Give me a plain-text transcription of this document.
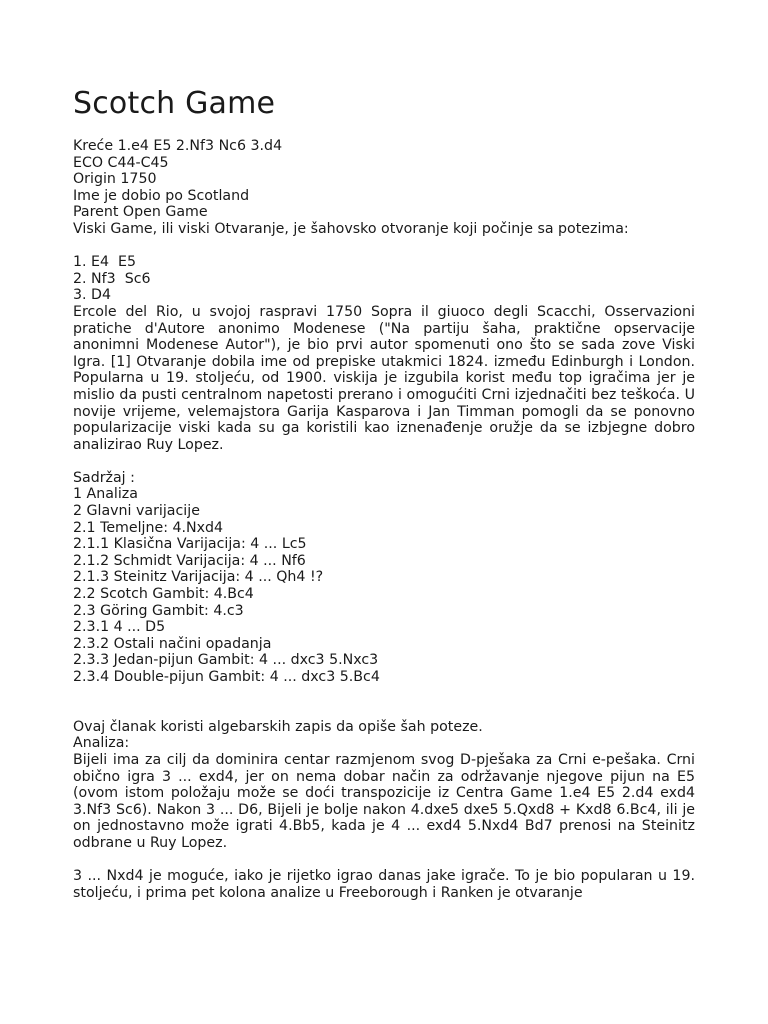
Scotch Game

Kreće 1.e4 E5 2.Nf3 Nc6 3.d4

ECO C44-C45

Origin 1750

Ime je dobio po Scotland

Parent Open Game

Viski Game, ili viski Otvaranje, je šahovsko otvoranje koji počinje sa potezima:

1. E4  E5

2. Nf3  Sc6

3. D4

Ercole del Rio, u svojoj raspravi 1750 Sopra il giuoco degli Scacchi, Osservazioni pratiche d'Autore anonimo Modenese ("Na partiju šaha, praktične opservacije anonimni Modenese Autor"), je bio prvi autor spomenuti ono što se sada zove Viski Igra. [1] Otvaranje dobila ime od prepiske utakmici 1824. između Edinburgh i London. Popularna u 19. stoljeću, od 1900. viskija je izgubila korist među top igračima jer je mislio da pusti centralnom napetosti prerano i omogućiti Crni izjednačiti bez teškoća. U novije vrijeme, velemajstora Garija Kasparova i Jan Timman pomogli da se ponovno popularizacije viski kada su ga koristili kao iznenađenje oružje da se izbjegne dobro analizirao Ruy Lopez.

Sadržaj :

1 Analiza

2 Glavni varijacije

2.1 Temeljne: 4.Nxd4

2.1.1 Klasična Varijacija: 4 ... Lc5

2.1.2 Schmidt Varijacija: 4 ... Nf6

2.1.3 Steinitz Varijacija: 4 ... Qh4 !?

2.2 Scotch Gambit: 4.Bc4

2.3 Göring Gambit: 4.c3

2.3.1 4 ... D5

2.3.2 Ostali načini opadanja

2.3.3 Jedan-pijun Gambit: 4 ... dxc3 5.Nxc3

2.3.4 Double-pijun Gambit: 4 ... dxc3 5.Bc4

Ovaj članak koristi algebarskih zapis da opiše šah poteze.

Analiza:

Bijeli ima za cilj da dominira centar razmjenom svog D-pješaka za Crni e-pešaka. Crni obično igra 3 ... exd4, jer on nema dobar način za održavanje njegove pijun na E5 (ovom istom položaju može se doći transpozicije iz Centra Game 1.e4 E5 2.d4 exd4 3.Nf3 Sc6). Nakon 3 ... D6, Bijeli je bolje nakon 4.dxe5 dxe5 5.Qxd8 + Kxd8 6.Bc4, ili je on jednostavno može igrati 4.Bb5, kada je 4 ... exd4 5.Nxd4 Bd7 prenosi na Steinitz odbrane u Ruy Lopez.

3 ... Nxd4 je moguće, iako je rijetko igrao danas jake igrače. To je bio popularan u 19. stoljeću, i prima pet kolona analize u Freeborough i Ranken je otvaranje
